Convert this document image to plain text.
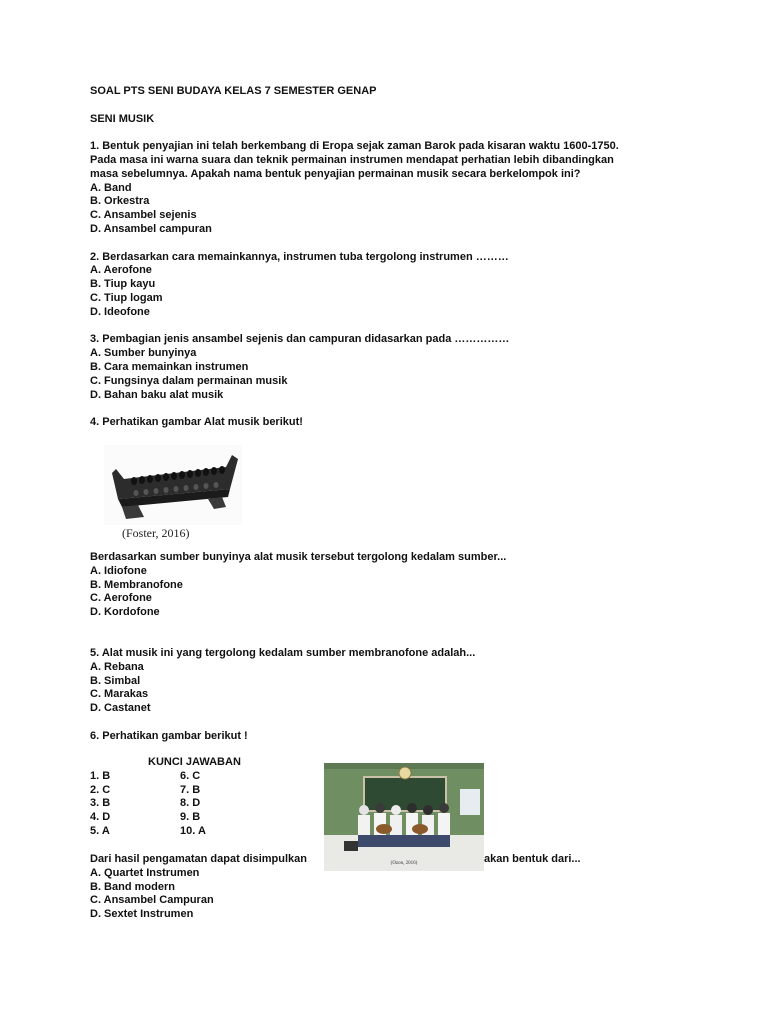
SOAL PTS SENI BUDAYA KELAS 7 SEMESTER GENAP

SENI MUSIK

1. Bentuk penyajian ini telah berkembang di Eropa sejak zaman Barok pada kisaran waktu 1600-1750.

Pada masa ini warna suara dan teknik permainan instrumen mendapat perhatian lebih dibandingkan

masa sebelumnya. Apakah nama bentuk penyajian permainan musik secara berkelompok ini?

A. Band

B. Orkestra

C. Ansambel sejenis

D. Ansambel campuran

2. Berdasarkan cara memainkannya, instrumen tuba tergolong instrumen ………

A. Aerofone

B. Tiup kayu

C. Tiup logam

D. Ideofone

3. Pembagian jenis ansambel sejenis dan campuran didasarkan pada ……………

A. Sumber bunyinya

B. Cara memainkan instrumen

C. Fungsinya dalam permainan musik

D. Bahan baku alat musik

4. Perhatikan gambar Alat musik berikut!

Berdasarkan sumber bunyinya alat musik tersebut tergolong kedalam sumber...

A. Idiofone

B. Membranofone

C. Aerofone

D. Kordofone

5. Alat musik ini yang tergolong kedalam sumber membranofone adalah...

A. Rebana

B. Simbal

C. Marakas

D. Castanet

6. Perhatikan gambar berikut !

(Foster, 2016)
(Ozon, 2016)
KUNCI JAWABAN
1. B	6. C
2. C	7. B
3. B	8. D
4. D	9. B
5. A	10. A
Dari hasil pengamatan dapat disimpulkan	akan bentuk dari...

A. Quartet Instrumen

B. Band modern

C. Ansambel Campuran

D. Sextet Instrumen
